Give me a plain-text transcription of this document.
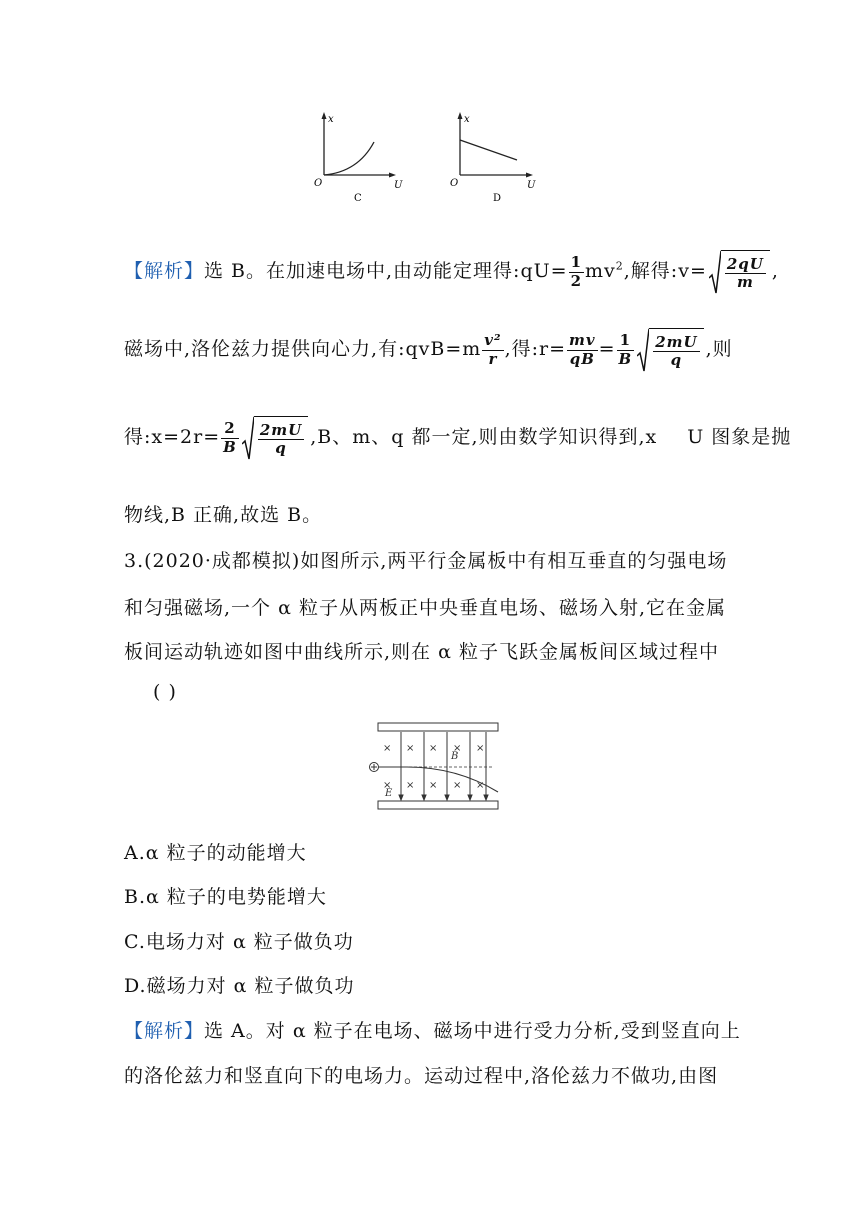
x
O	U
C
x
O	U
D
【解析】选 B。在加速电场中,由动能定理得:qU= $\frac{1}{2} mv^2$,解得:v= $\frac{2qU}{m}$ ,
磁场中,洛伦兹力提供向心力,有:qvB=m $\frac{\text{v²}}{r}$ ,得:r= $\frac{mv}{qB} = \frac{1}{B} \frac{2mU}{q}$ ,则
得:x=2r= $\frac{2}{B} \frac{2mU}{q} ,B$、m、q 都一定,则由数学知识得到,x U 图象是抛
物线,B 正确,故选 B。
3.(2020·成都模拟)如图所示,两平行金属板中有相互垂直的匀强电场
和匀强磁场,一个 α 粒子从两板正中央垂直电场、磁场入射,它在金属
板间运动轨迹如图中曲线所示,则在 α 粒子飞跃金属板间区域过程中
( )
× × × × ×
× × × × ×
B
E
A.α 粒子的动能增大
B.α 粒子的电势能增大
C.电场力对 α 粒子做负功
D.磁场力对 α 粒子做负功
【解析】选 A。对 α 粒子在电场、磁场中进行受力分析,受到竖直向上
的洛伦兹力和竖直向下的电场力。运动过程中,洛伦兹力不做功,由图
